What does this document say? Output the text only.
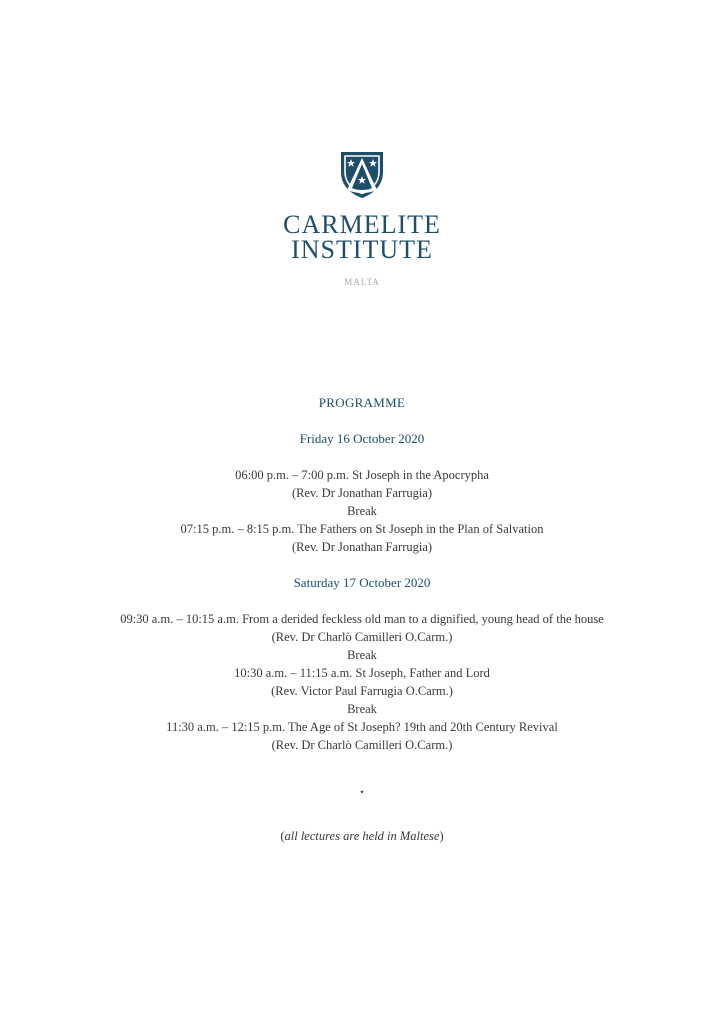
CARMELITE
INSTITUTE
MALTA

PROGRAMME

Friday 16 October 2020

06:00 p.m. – 7:00 p.m. St Joseph in the Apocrypha
(Rev. Dr Jonathan Farrugia)
Break
07:15 p.m. – 8:15 p.m. The Fathers on St Joseph in the Plan of Salvation
(Rev. Dr Jonathan Farrugia)

Saturday 17 October 2020

09:30 a.m. – 10:15 a.m. From a derided feckless old man to a dignified, young head of the house
(Rev. Dr Charlò Camilleri O.Carm.)
Break
10:30 a.m. – 11:15 a.m. St Joseph, Father and Lord
(Rev. Victor Paul Farrugia O.Carm.)
Break
11:30 a.m. – 12:15 p.m. The Age of St Joseph? 19th and 20th Century Revival
(Rev. Dr Charlò Camilleri O.Carm.)
⋆
(all lectures are held in Maltese)
